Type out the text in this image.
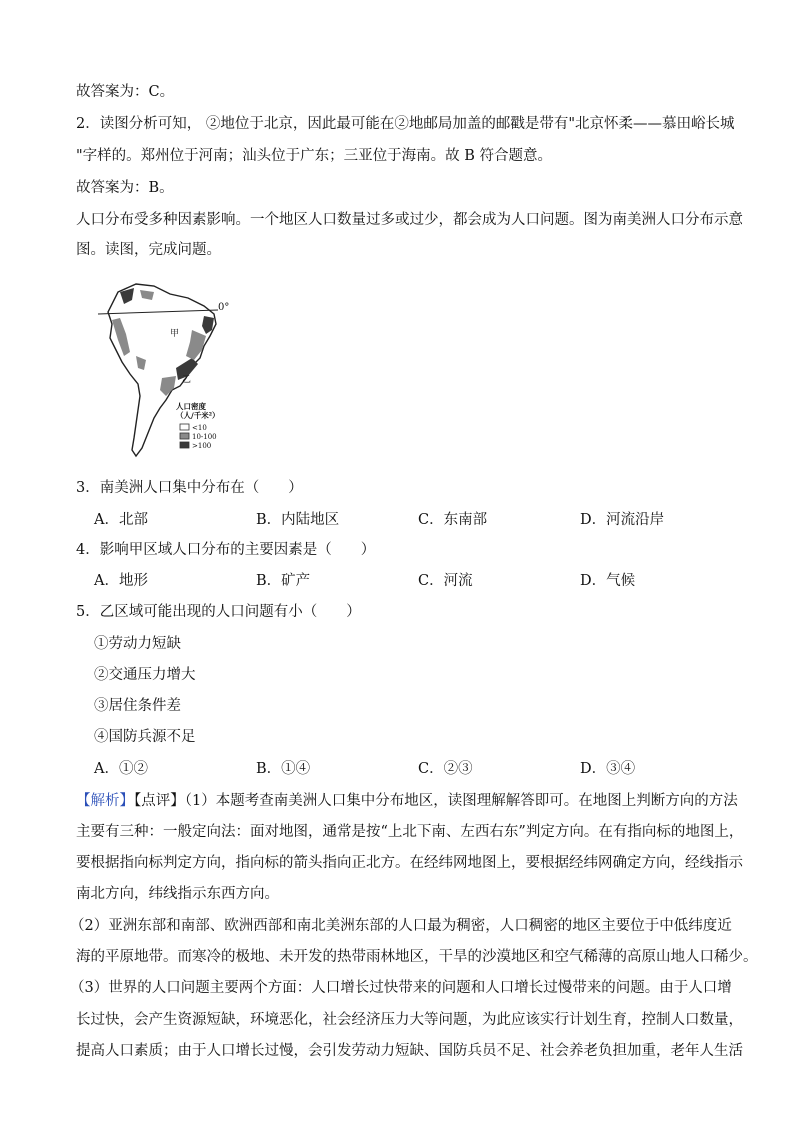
故答案为：C。
2．读图分析可知， ②地位于北京，因此最可能在②地邮局加盖的邮戳是带有"北京怀柔——慕田峪长城
"字样的。郑州位于河南；汕头位于广东；三亚位于海南。故 B 符合题意。
故答案为：B。
人口分布受多种因素影响。一个地区人口数量过多或过少，都会成为人口问题。图为南美洲人口分布示意
图。读图，完成问题。
0°
甲
乙
人口密度
（人/千米²）
<10
10-100
>100
3．南美洲人口集中分布在（　　）
A．北部	B．内陆地区	C．东南部	D．河流沿岸
4．影响甲区域人口分布的主要因素是（　　）
A．地形	B．矿产	C．河流	D．气候
5．乙区域可能出现的人口问题有小（　　）
①劳动力短缺
②交通压力增大
③居住条件差
④国防兵源不足
A．①②	B．①④	C．②③	D．③④
【解析】【点评】（1）本题考查南美洲人口集中分布地区，读图理解解答即可。在地图上判断方向的方法
主要有三种：一般定向法：面对地图，通常是按“上北下南、左西右东”判定方向。在有指向标的地图上，
要根据指向标判定方向，指向标的箭头指向正北方。在经纬网地图上，要根据经纬网确定方向，经线指示
南北方向，纬线指示东西方向。
（2）亚洲东部和南部、欧洲西部和南北美洲东部的人口最为稠密，人口稠密的地区主要位于中低纬度近
海的平原地带。而寒冷的极地、未开发的热带雨林地区，干旱的沙漠地区和空气稀薄的高原山地人口稀少。
（3）世界的人口问题主要两个方面：人口增长过快带来的问题和人口增长过慢带来的问题。由于人口增
长过快，会产生资源短缺，环境恶化，社会经济压力大等问题，为此应该实行计划生育，控制人口数量，
提高人口素质；由于人口增长过慢，会引发劳动力短缺、国防兵员不足、社会养老负担加重，老年人生活
